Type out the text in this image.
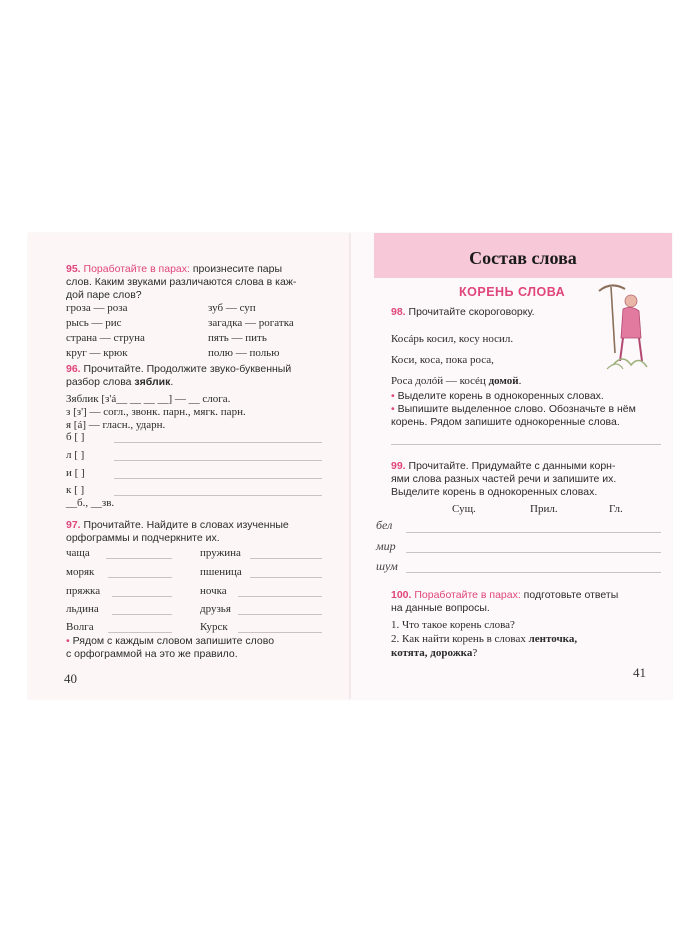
95. Поработайте в парах: произнесите пары
слов. Каким звуками различаются слова в каж-
дой паре слов?
гроза — роза
рысь — рис
страна — струна
круг — крюк
зуб — суп
загадка — рогатка
пять — пить
полю — полью
96. Прочитайте. Продолжите звуко-буквенный
разбор слова зяблик.
Зяблик [з'á__ __ __ __] — __ слога.
з [з'] — согл., звонк. парн., мягк. парн.
я [á] — гласн., ударн.
б [ ]
л [ ]
и [ ]
к [ ]
__б., __зв.
97. Прочитайте. Найдите в словах изученные
орфограммы и подчеркните их.
чаща
моряк
пряжка
льдина
Волга
пружина
пшеница
ночка
друзья
Курск
• Рядом с каждым словом запишите слово
с орфограммой на это же правило.
40
Состав слова
КОРЕНЬ СЛОВА
98. Прочитайте скороговорку.
Косáрь косил, косу носил.
Коси, коса, пока роса,
Роса долóй — косéц домой.
• Выделите корень в однокоренных словах.
• Выпишите выделенное слово. Обозначьте в нём
корень. Рядом запишите однокоренные слова.
99. Прочитайте. Придумайте с данными корн-
ями слова разных частей речи и запишите их.
Выделите корень в однокоренных словах.
Сущ.	Прил.	Гл.
бел
мир
шум
100. Поработайте в парах: подготовьте ответы
на данные вопросы.
1. Что такое корень слова?
2. Как найти корень в словах ленточка,
котята, дорожка?
41
